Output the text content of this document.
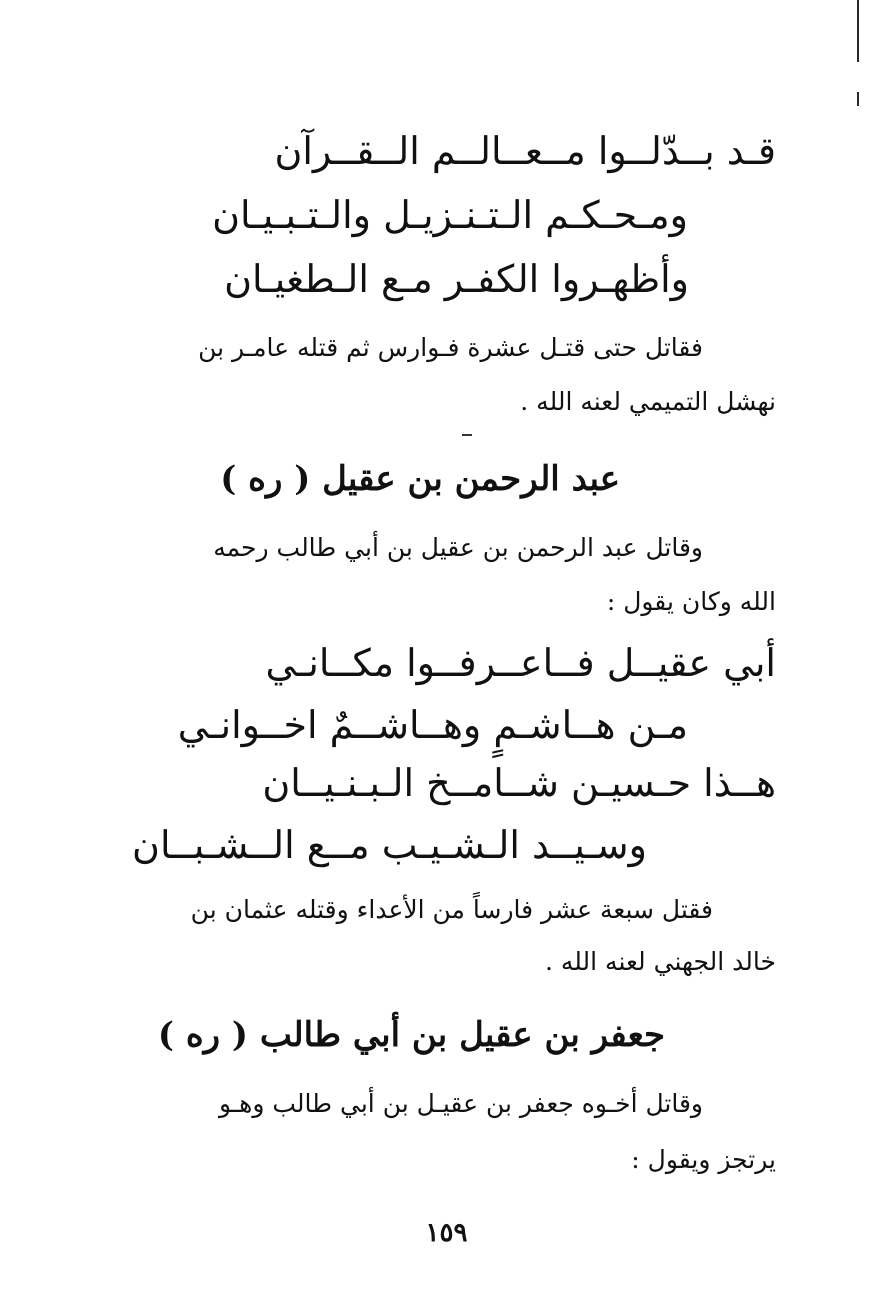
قـد بــدّلــوا مــعــالــم الــقــرآن

ومـحـكـم الـتـنـزيـل والـتـبـيـان

وأظهـروا الكفـر مـع الـطغيـان

فقاتل حتى قتـل عشرة فـوارس ثم قتله عامـر بن

نهشل التميمي لعنه الله .

عبد الرحمن بن عقيل ( ره )

وقاتل عبد الرحمن بن عقيل بن أبي طالب رحمه

الله وكان يقول :

أبي عقيــل فــاعــرفــوا مكــانـي

مـن هــاشـمٍ وهــاشــمٌ اخــوانـي

هــذا حـسيـن شــامــخ الـبـنـيــان

وسـيــد الـشـيـب مــع الــشـبــان

فقتل سبعة عشر فارساً من الأعداء وقتله عثمان بن

خالد الجهني لعنه الله .

جعفر بن عقيل بن أبي طالب ( ره )

وقاتل أخـوه جعفر بن عقيـل بن أبي طالب وهـو

يرتجز ويقول :

١٥٩
